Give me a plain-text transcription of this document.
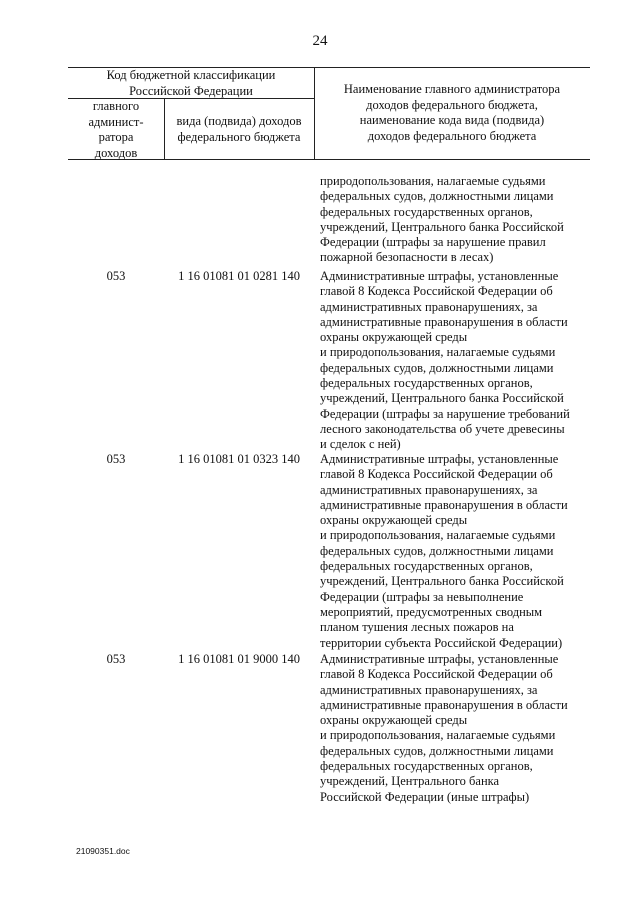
24
Код бюджетной классификации
Российской Федерации
главного
админист-
ратора
доходов
вида (подвида) доходов
федерального бюджета
Наименование главного администратора
доходов федерального бюджета,
наименование кода вида (подвида)
доходов федерального бюджета
природопользования, налагаемые судьями
федеральных судов, должностными лицами
федеральных государственных органов,
учреждений, Центрального банка Российской
Федерации (штрафы за нарушение правил
пожарной безопасности в лесах)
053	1 16 01081 01 0281 140	Административные штрафы, установленные
главой 8 Кодекса Российской Федерации об
административных правонарушениях, за
административные правонарушения в области
охраны окружающей среды
и природопользования, налагаемые судьями
федеральных судов, должностными лицами
федеральных государственных органов,
учреждений, Центрального банка Российской
Федерации (штрафы за нарушение требований
лесного законодательства об учете древесины
и сделок с ней)
053	1 16 01081 01 0323 140	Административные штрафы, установленные
главой 8 Кодекса Российской Федерации об
административных правонарушениях, за
административные правонарушения в области
охраны окружающей среды
и природопользования, налагаемые судьями
федеральных судов, должностными лицами
федеральных государственных органов,
учреждений, Центрального банка Российской
Федерации (штрафы за невыполнение
мероприятий, предусмотренных сводным
планом тушения лесных пожаров на
территории субъекта Российской Федерации)
053	1 16 01081 01 9000 140	Административные штрафы, установленные
главой 8 Кодекса Российской Федерации об
административных правонарушениях, за
административные правонарушения в области
охраны окружающей среды
и природопользования, налагаемые судьями
федеральных судов, должностными лицами
федеральных государственных органов,
учреждений, Центрального банка
Российской Федерации (иные штрафы)
21090351.doc
